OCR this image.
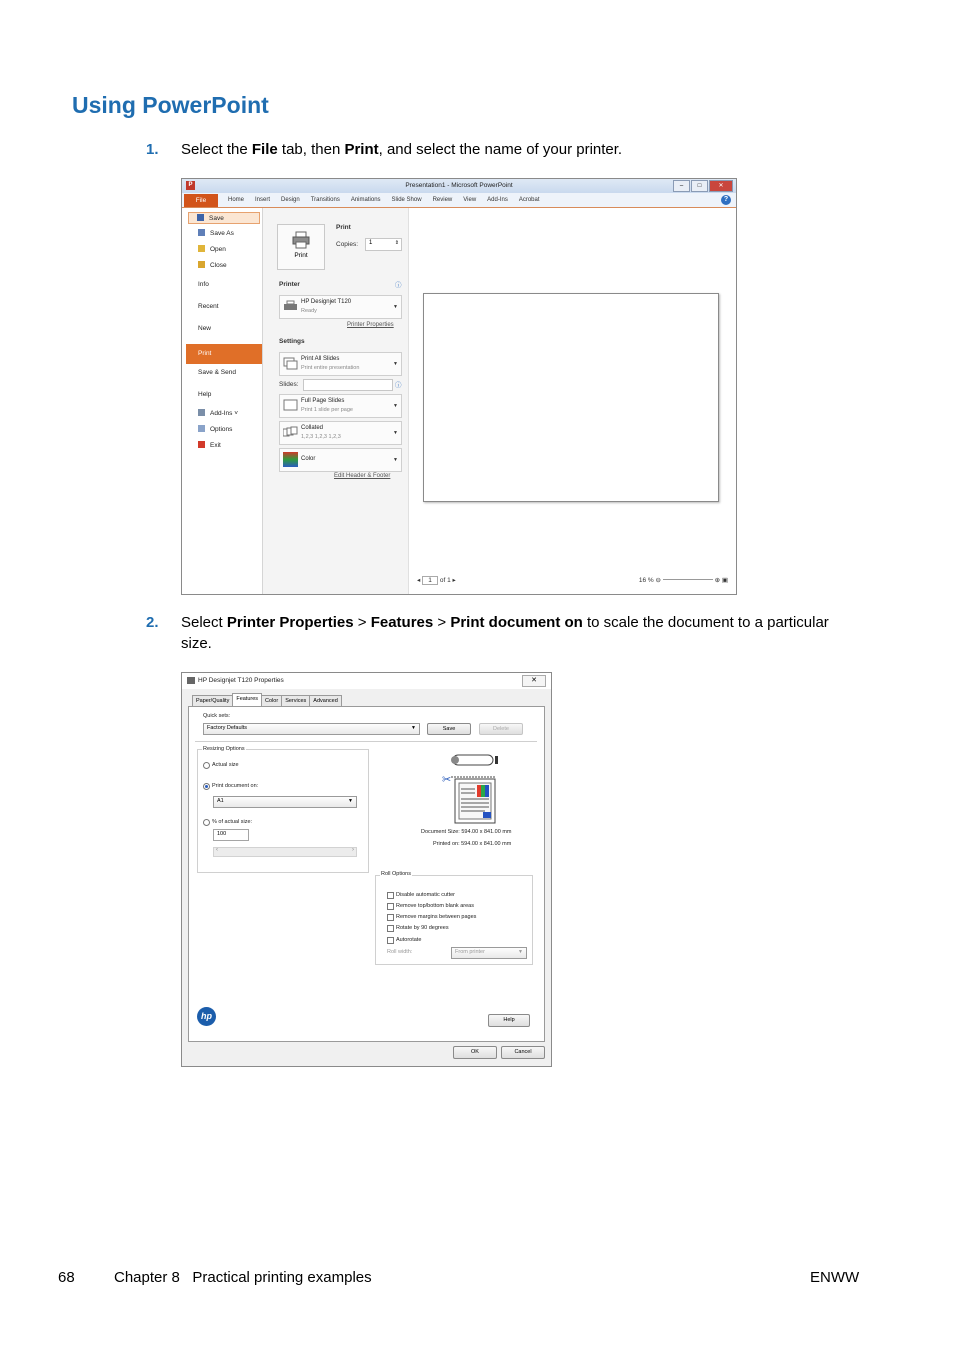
Using PowerPoint
1. Select the File tab, then Print, and select the name of your printer.
P	Presentation1 - Microsoft PowerPoint	–	□	✕
File	Home Insert Design Transitions Animations Slide Show Review View Add-Ins Acrobat	?
Save
Save As
Open
Close
Info
Recent
New
Print
Save & Send
Help
Add-Ins ˅
Options
Exit
Print
Print
Copies: 1	⇕
Printer	ⓘ
HP Designjet T120
Ready
▼
Printer Properties
Settings
Print All Slides
Print entire presentation
▼
Slides:	ⓘ
Full Page Slides
Print 1 slide per page
▼
Collated
1,2,3 1,2,3 1,2,3
▼
Color	▼
Edit Header & Footer
◂ 1 of 1 ▸	16 % ⊖	⊕ ▣
2. Select Printer Properties > Features > Print document on to scale the document to a particular size.
HP Designjet T120 Properties	✕
Paper/Quality	Features	Color	Services	Advanced
Quick sets:
Factory Defaults	▼	Save	Delete
Resizing Options
Actual size
Print document on:
A1	▼
% of actual size:
100
‹	›
✂
Document Size: 594.00 x 841.00 mm
Printed on: 594.00 x 841.00 mm
Roll Options
Disable automatic cutter
Remove top/bottom blank areas
Remove margins between pages
Rotate by 90 degrees
Autorotate
Roll width:	From printer	▼
hp	Help
OK	Cancel
68	Chapter 8   Practical printing examples	ENWW
